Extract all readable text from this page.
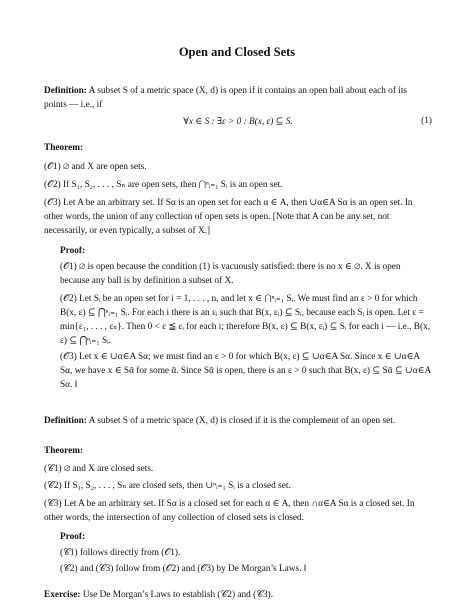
Open and Closed Sets
Definition: A subset S of a metric space (X, d) is open if it contains an open ball about each of its points — i.e., if
∀x ∈ S : ∃ε > 0 : B(x, ε) ⊆ S.	(1)
Theorem:
(𝒪1) ∅ and X are open sets.
(𝒪2) If S₁, S₂, . . . , Sₙ are open sets, then ⋂ⁿᵢ₌₁ Sᵢ is an open set.
(𝒪3) Let A be an arbitrary set. If Sα is an open set for each α ∈ A, then ∪α∈A Sα is an open set. In other words, the union of any collection of open sets is open. [Note that A can be any set, not necessarily, or even typically, a subset of X.]
Proof:
(𝒪1) ∅ is open because the condition (1) is vacuously satisfied: there is no x ∈ ∅. X is open because any ball is by definition a subset of X.
(𝒪2) Let Sᵢ be an open set for i = 1, . . . , n, and let x ∈ ⋂ⁿᵢ₌₁ Sᵢ. We must find an ε > 0 for which B(x, ε) ⊆ ⋂ⁿᵢ₌₁ Sᵢ. For each i there is an εᵢ such that B(x, εᵢ) ⊆ Sᵢ, because each Sᵢ is open. Let ε = min{ε₁, . . . , εₙ}. Then 0 < ε ≦ εᵢ for each i; therefore B(x, ε) ⊆ B(x, εᵢ) ⊆ Sᵢ for each i — i.e., B(x, ε) ⊆ ⋂ⁿᵢ₌₁ Sᵢ.
(𝒪3) Let x ∈ ∪α∈A Sα; we must find an ε > 0 for which B(x, ε) ⊆ ∪α∈A Sα. Since x ∈ ∪α∈A Sα, we have x ∈ Sᾱ for some ᾱ. Since Sᾱ is open, there is an ε > 0 such that B(x, ε) ⊆ Sᾱ ⊆ ∪α∈A Sα. ‖
Definition: A subset S of a metric space (X, d) is closed if it is the complement of an open set.
Theorem:
(𝒞1) ∅ and X are closed sets.
(𝒞2) If S₁, S₂, . . . , Sₙ are closed sets, then ∪ⁿᵢ₌₁ Sᵢ is a closed set.
(𝒞3) Let A be an arbitrary set. If Sα is a closed set for each α ∈ A, then ∩α∈A Sα is a closed set. In other words, the intersection of any collection of closed sets is closed.
Proof:
(𝒞1) follows directly from (𝒪1).
(𝒞2) and (𝒞3) follow from (𝒪2) and (𝒪3) by De Morgan’s Laws. ‖
Exercise: Use De Morgan’s Laws to establish (𝒞2) and (𝒞3).
